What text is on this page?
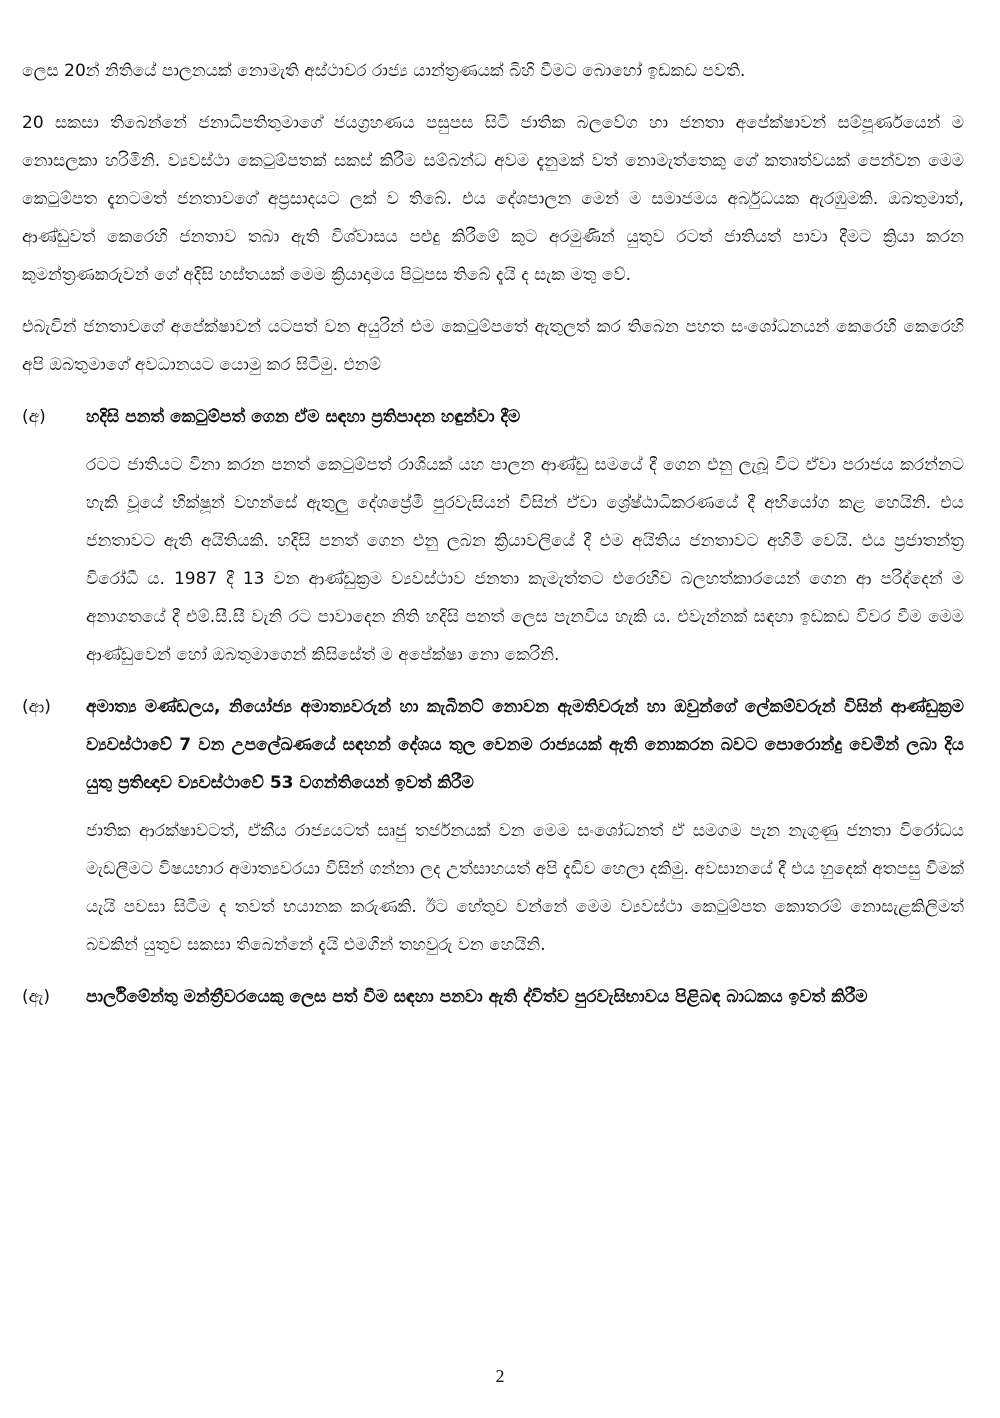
ලෙස 20න් නිතියේ පාලනයක් නොමැති අස්ථාවර රාජ්‍ය යාන්ත්‍රණයක් බිහි වීමට බොහෝ ඉඩකඩ පවති.

20 සකසා තිබෙන්නේ ජනාධිපතිතුමාගේ ජයග්‍රහණය පසුපස සිටි ජාතික බලවේග හා ජනතා අපේක්ෂාවන් සම්පූර්ණයෙන් ම නොසලකා හරිමිනි. ව්‍යවස්ථා කෙටුම්පතක් සකස් කිරීම සම්බන්ධ අවම දැනුමක් වත් නොමැත්තෙකු ගේ කතෘත්වයක් පෙන්වන මෙම කෙටුම්පත දැනටමත් ජනතාවගේ අප්‍රසාදයට ලක් ව තිබේ. එය දේශපාලන මෙන් ම සමාජමය අර්බුධයක ඇරඹුමකි. ඔබතුමාත්, ආණ්ඩුවත් කෙරෙහි ජනතාව තබා ඇති විශ්වාසය පළුදු කිරීමේ කුට අරමුණින් යුතුව රටත් ජාතියත් පාවා දීමට ක්‍රියා කරන කුමන්ත්‍රණකරුවන් ගේ අදිසි හස්තයක් මෙම ක්‍රියාදාමය පිටුපස තිබේ දැයි ද සැක මතු වේ.

එබැවින් ජනතාවගේ අපේක්ෂාවන් යටපත් වන අයුරින් එම කෙටුම්පතේ ඇතුලත් කර තිබෙන පහත සංශෝධනයන් කෙරෙහි කෙරෙහි අපි ඔබතුමාගේ අවධානයට යොමු කර සිටිමු. එනම්

(අ)	හදිසි පනත් කෙටුම්පත් ගෙන ඒම සඳහා ප්‍රතිපාදන හඳුන්වා දීම

රටට ජාතියට විනා කරන පනත් කෙටුම්පත් රාශියක් යහ පාලන ආණ්ඩු සමයේ දී ගෙන එනු ලැබූ විට ඒවා පරාජය කරන්නට හැකි වූයේ භික්ෂූන් වහන්සේ ඇතුලු දේශප්‍රේමී පුරවැසියන් විසින් ඒවා ශ්‍රේෂ්ඨාධිකරණයේ දී අභියෝග කළ හෙයිනි. එය ජනතාවට ඇති අයිතියකි. හදිසි පනත් ගෙන එනු ලබන ක්‍රියාවලියේ දී එම අයිතිය ජනතාවට අහිමි වෙයි. එය ප්‍රජාතන්ත්‍ර විරෝධී ය. 1987 දී 13 වන ආණ්ඩුක්‍රම ව්‍යවස්ථාව ජනතා කැමැත්තට එරෙහිව බලහත්කාරයෙන් ගෙන ආ පරිද්දෙන් ම අනාගතයේ දී එම්.සී.සී වැනි රට පාවාදෙන නිති හදිසි පනත් ලෙස පැනවිය හැකි ය. එවැන්නක් සඳහා ඉඩකඩ විවර වීම මෙම ආණ්ඩුවෙන් හෝ ඔබතුමාගෙන් කිසිසේත් ම අපේක්ෂා නො කෙරිනි.

(ආ)	අමාත්‍ය මණ්ඩලය, නියෝජ්‍ය අමාත්‍යවරුන් හා කැබිනට් නොවන ඇමතිවරුන් හා ඔවුන්ගේ ලේකම්වරුන් විසින් ආණ්ඩුක්‍රම ව්‍යවස්ථාවේ 7 වන උපලේඛණයේ සඳහන් දේශය තුල වෙනම රාජ්‍යයක් ඇති නොකරන බවට පොරොන්දු වෙමින් ලබා දිය යුතු ප්‍රතිඥාව ව්‍යවස්ථාවේ 53 වගන්තියෙන් ඉවත් කිරීම

ජාතික ආරක්ෂාවටත්, ඒකීය රාජ්‍යයටත් සෘජු තර්ජනයක් වන මෙම සංශෝධනත් ඒ සමගම පැන නැගුණු ජනතා විරෝධය මැඩලීමට විෂයභාර අමාත්‍යවරයා විසින් ගන්නා ලද උත්සාහයත් අපි දැඩිව හෙලා දකිමු. අවසානයේ දී එය හුදෙක් අතපසු වීමක් යැයි පවසා සිටීම ද තවත් භයානක කරුණකි. ඊට හේතුව වන්නේ මෙම ව්‍යවස්ථා කෙටුම්පත කොතරම් නොසැළකිලිමත් බවකින් යුතුව සකසා තිබෙන්නේ දැයි එමගින් තහවුරු වන හෙයිනි.

(ඇ)	පාර්ලිමේන්තු මන්ත්‍රීවරයෙකු ලෙස පත් වීම සඳහා පනවා ඇති ද්විත්ව පුරවැසිභාවය පිළිබඳ බාධකය ඉවත් කිරීම
2
